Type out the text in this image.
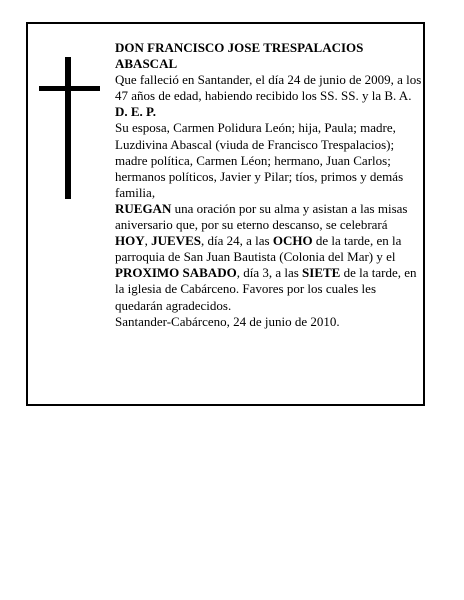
DON FRANCISCO JOSE TRESPALACIOS ABASCAL

Que falleció en Santander, el día 24 de junio de 2009, a los 47 años de edad, habiendo recibido los SS. SS. y la B. A.

D. E. P.

Su esposa, Carmen Polidura León; hija, Paula; madre, Luzdivina Abascal (viuda de Francisco Trespalacios); madre política, Carmen Léon; hermano, Juan Carlos; hermanos políticos, Javier y Pilar; tíos, primos y demás familia,

RUEGAN una oración por su alma y asistan a las misas aniversario que, por su eterno descanso, se celebrará HOY, JUEVES, día 24, a las OCHO de la tarde, en la parroquia de San Juan Bautista (Colonia del Mar) y el PROXIMO SABADO, día 3, a las SIETE de la tarde, en la iglesia de Cabárceno. Favores por los cuales les quedarán agradecidos.

Santander-Cabárceno, 24 de junio de 2010.
